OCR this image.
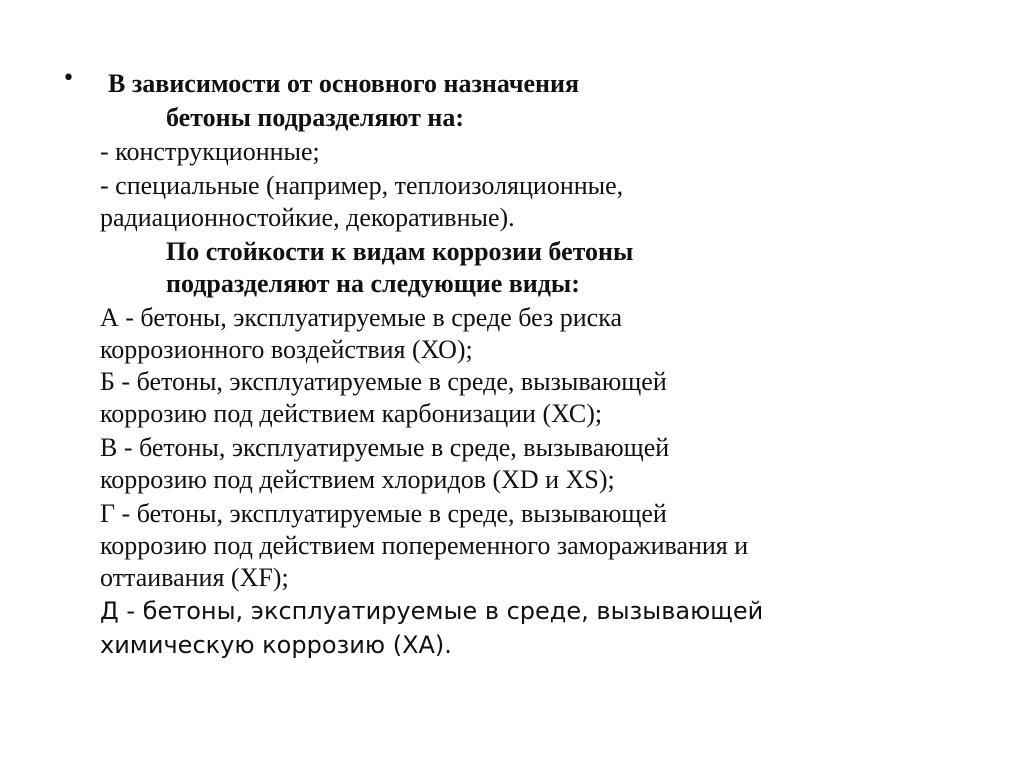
• В зависимости от основного назначения
бетоны подразделяют на:
- конструкционные;
- специальные (например, теплоизоляционные,
радиационностойкие, декоративные).
По стойкости к видам коррозии бетоны
подразделяют на следующие виды:
А - бетоны, эксплуатируемые в среде без риска
коррозионного воздействия (ХО);
Б - бетоны, эксплуатируемые в среде, вызывающей
коррозию под действием карбонизации (ХС);
В - бетоны, эксплуатируемые в среде, вызывающей
коррозию под действием хлоридов (XD и XS);
Г - бетоны, эксплуатируемые в среде, вызывающей
коррозию под действием попеременного замораживания и
оттаивания (XF);
Д - бетоны, эксплуатируемые в среде, вызывающей
химическую коррозию (ХА).
